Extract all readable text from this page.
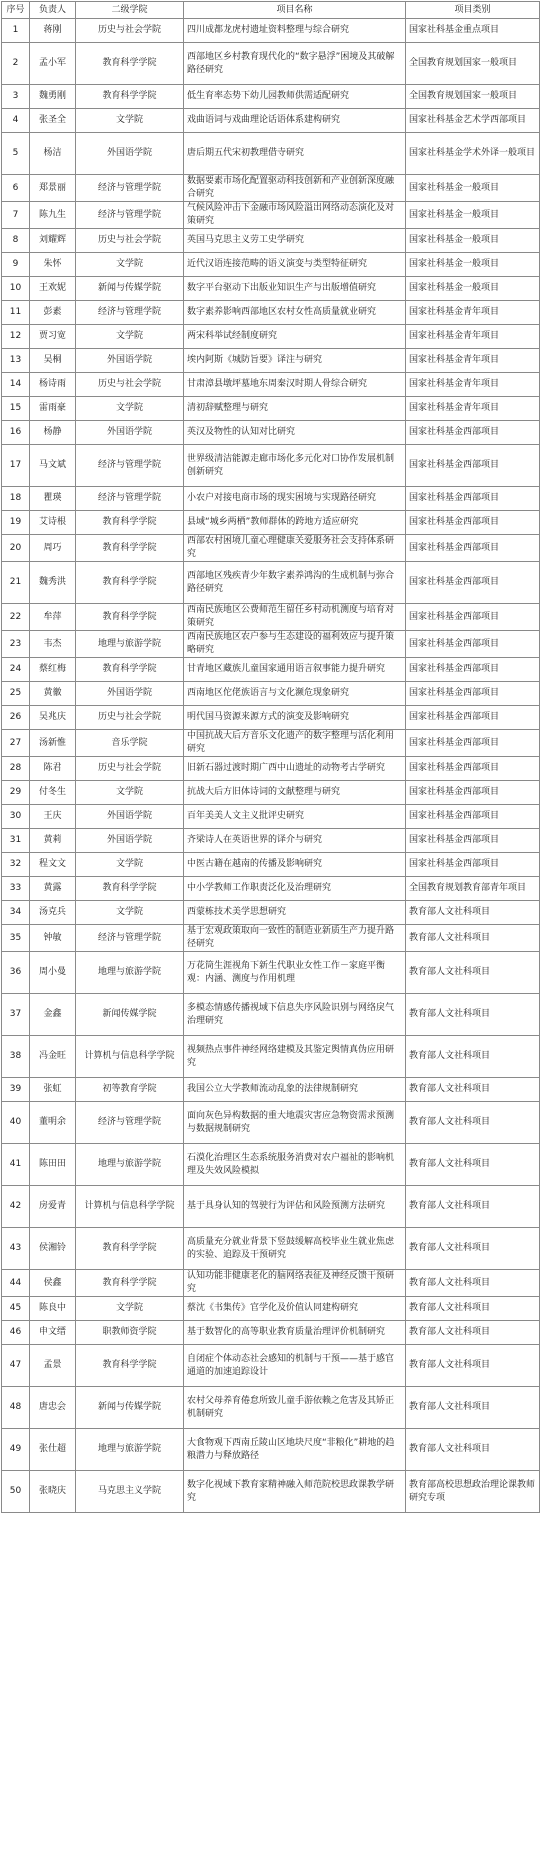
序号	负责人	二级学院	项目名称	项目类别
1	蒋刚	历史与社会学院	四川成都龙虎村遗址资料整理与综合研究	国家社科基金重点项目
2	孟小军	教育科学学院	西部地区乡村教育现代化的“数字悬浮”困境及其破解路径研究	全国教育规划国家一般项目
3	魏勇刚	教育科学学院	低生育率态势下幼儿园教师供需适配研究	全国教育规划国家一般项目
4	张圣全	文学院	戏曲语词与戏曲理论话语体系建构研究	国家社科基金艺术学西部项目
5	杨洁	外国语学院	唐后期五代宋初教理借寺研究	国家社科基金学术外译一般项目
6	郑景丽	经济与管理学院	数据要素市场化配置驱动科技创新和产业创新深度融合研究	国家社科基金一般项目
7	陈九生	经济与管理学院	气候风险冲击下金融市场风险溢出网络动态演化及对策研究	国家社科基金一般项目
8	刘耀辉	历史与社会学院	英国马克思主义劳工史学研究	国家社科基金一般项目
9	朱怀	文学院	近代汉语连接范畴的语义演变与类型特征研究	国家社科基金一般项目
10	王欢妮	新闻与传媒学院	数字平台驱动下出版业知识生产与出版增值研究	国家社科基金一般项目
11	彭素	经济与管理学院	数字素养影响西部地区农村女性高质量就业研究	国家社科基金青年项目
12	贾习宽	文学院	两宋科举试经制度研究	国家社科基金青年项目
13	吴桐	外国语学院	埃内阿斯《城防旨要》译注与研究	国家社科基金青年项目
14	杨诗雨	历史与社会学院	甘肃漳县墩坪墓地东周秦汉时期人骨综合研究	国家社科基金青年项目
15	雷雨豪	文学院	清初辞赋整理与研究	国家社科基金青年项目
16	杨静	外国语学院	英汉及物性的认知对比研究	国家社科基金西部项目
17	马文斌	经济与管理学院	世界级清洁能源走廊市场化多元化对口协作发展机制创新研究	国家社科基金西部项目
18	瞿瑛	经济与管理学院	小农户对接电商市场的现实困境与实现路径研究	国家社科基金西部项目
19	艾诗根	教育科学学院	县域“城乡两栖”教师群体的跨地方适应研究	国家社科基金西部项目
20	周巧	教育科学学院	西部农村困境儿童心理健康关爱服务社会支持体系研究	国家社科基金西部项目
21	魏秀洪	教育科学学院	西部地区残疾青少年数字素养鸿沟的生成机制与弥合路径研究	国家社科基金西部项目
22	牟萍	教育科学学院	西南民族地区公费师范生留任乡村动机测度与培育对策研究	国家社科基金西部项目
23	韦杰	地理与旅游学院	西南民族地区农户参与生态建设的福利效应与提升策略研究	国家社科基金西部项目
24	蔡红梅	教育科学学院	甘青地区藏族儿童国家通用语言叙事能力提升研究	国家社科基金西部项目
25	黄徽	外国语学院	西南地区佗佬族语言与文化濒危现象研究	国家社科基金西部项目
26	吴兆庆	历史与社会学院	明代国马资源来源方式的演变及影响研究	国家社科基金西部项目
27	汤新惟	音乐学院	中国抗战大后方音乐文化遗产的数字整理与活化利用研究	国家社科基金西部项目
28	陈君	历史与社会学院	旧新石器过渡时期广西中山遗址的动物考古学研究	国家社科基金西部项目
29	付冬生	文学院	抗战大后方旧体诗词的文献整理与研究	国家社科基金西部项目
30	王庆	外国语学院	百年美美人文主义批评史研究	国家社科基金西部项目
31	黄莉	外国语学院	齐梁诗人在英语世界的译介与研究	国家社科基金西部项目
32	程文文	文学院	中医古籍在越南的传播及影响研究	国家社科基金西部项目
33	黄露	教育科学学院	中小学教师工作职责泛化及治理研究	全国教育规划教育部青年项目
34	汤克兵	文学院	西蒙栋技术美学思想研究	教育部人文社科项目
35	钟敏	经济与管理学院	基于宏观政策取向一致性的制造业新质生产力提升路径研究	教育部人文社科项目
36	周小曼	地理与旅游学院	万花筒生涯视角下新生代职业女性工作－家庭平衡观：内涵、测度与作用机理	教育部人文社科项目
37	金鑫	新闻传媒学院	多模态情感传播视域下信息失序风险识别与网络戾气治理研究	教育部人文社科项目
38	冯金旺	计算机与信息科学学院	视频热点事件神经网络建模及其鉴定舆情真伪应用研究	教育部人文社科项目
39	张虹	初等教育学院	我国公立大学教师流动乱象的法律规制研究	教育部人文社科项目
40	董明余	经济与管理学院	面向灰色异构数据的重大地震灾害应急物资需求预测与数据规制研究	教育部人文社科项目
41	陈田田	地理与旅游学院	石漠化治理区生态系统服务消费对农户福祉的影响机理及失效风险模拟	教育部人文社科项目
42	房爱青	计算机与信息科学学院	基于具身认知的驾驶行为评估和风险预测方法研究	教育部人文社科项目
43	侯湘铃	教育科学学院	高质量充分就业背景下竖鼓缓解高校毕业生就业焦虑的实验、追踪及干预研究	教育部人文社科项目
44	侯鑫	教育科学学院	认知功能非健康老化的脑网络表征及神经反馈干预研究	教育部人文社科项目
45	陈良中	文学院	蔡沈《书集传》官学化及价值认同建构研究	教育部人文社科项目
46	申文缙	职教师资学院	基于数智化的高等职业教育质量治理评价机制研究	教育部人文社科项目
47	孟景	教育科学学院	自闭症个体动态社会感知的机制与干预——基于感官通道的加速追踪设计	教育部人文社科项目
48	唐忠会	新闻与传媒学院	农村父母养育倦怠所致儿童手游依赖之危害及其矫正机制研究	教育部人文社科项目
49	张仕超	地理与旅游学院	大食物观下西南丘陵山区地块尺度“非粮化”耕地的趋粮潜力与释放路径	教育部人文社科项目
50	张晓庆	马克思主义学院	数字化视域下教育家精神融入师范院校思政课教学研究	教育部高校思想政治理论课教师研究专项
